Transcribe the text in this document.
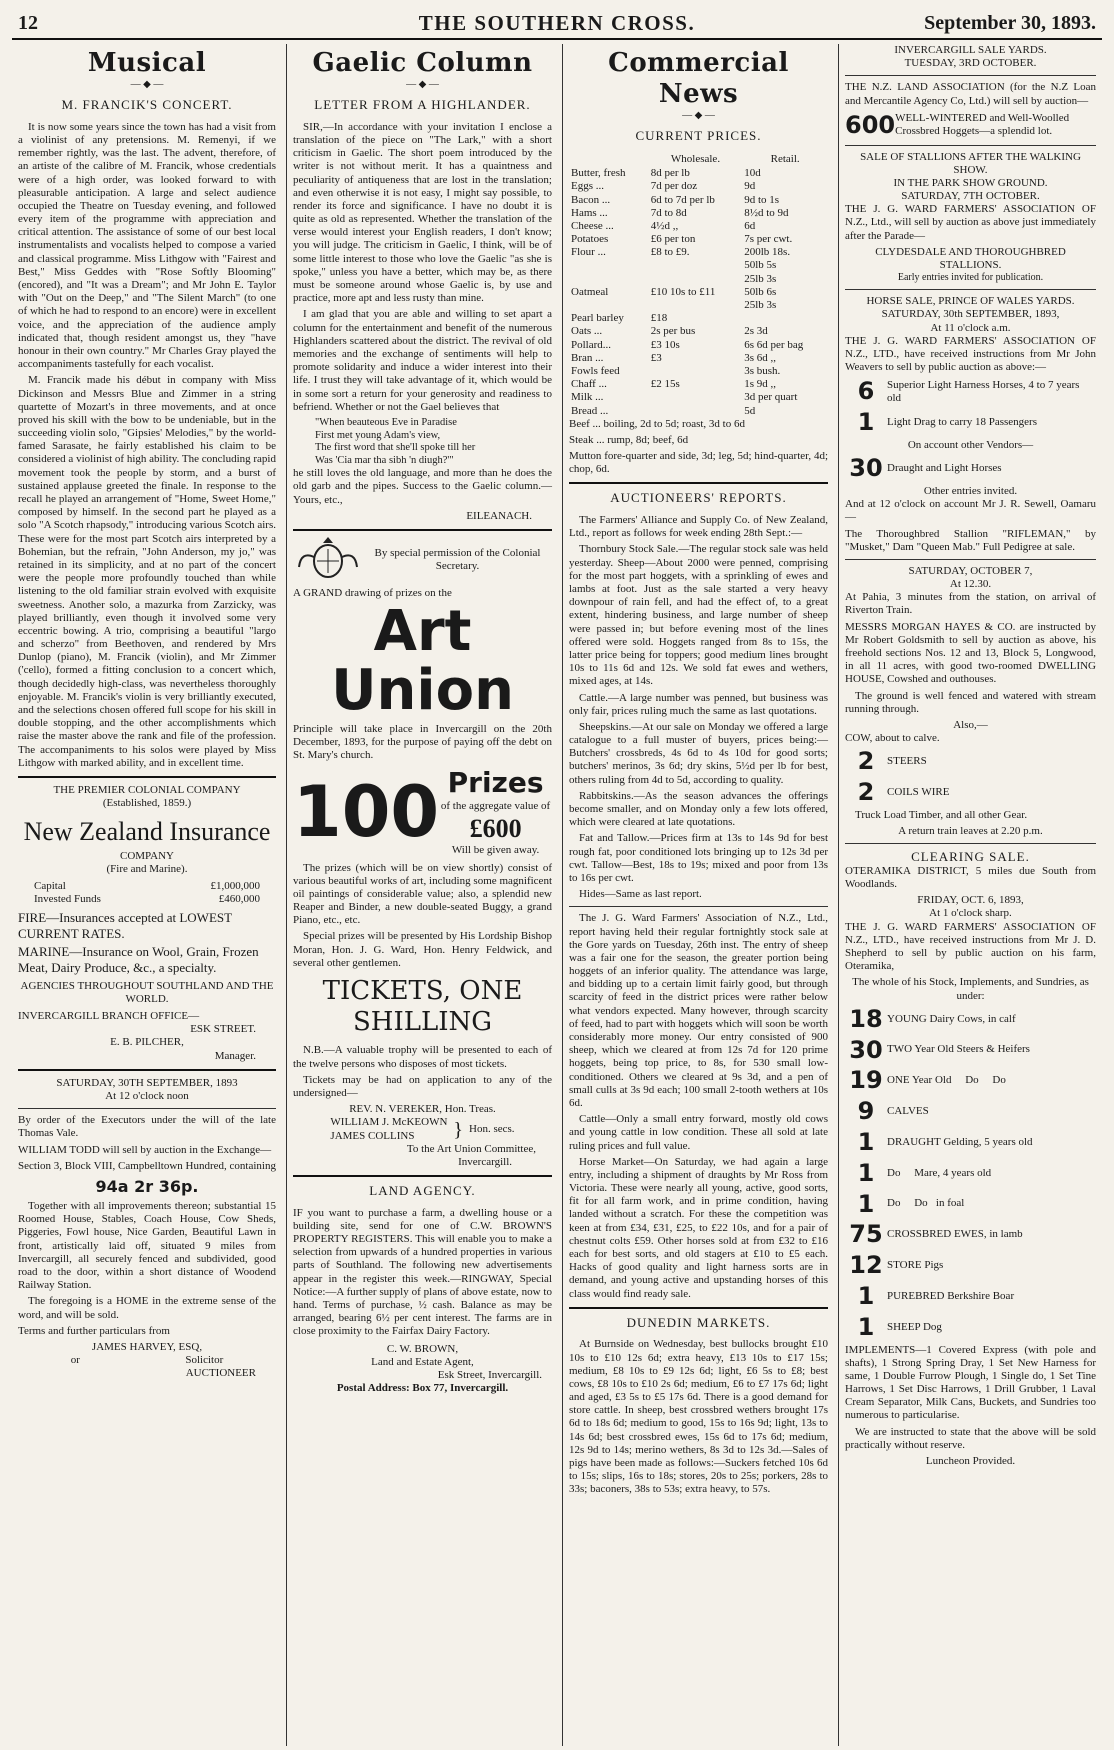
12	THE SOUTHERN CROSS.	September 30, 1893.
Musical
— ◆ —
M. FRANCIK'S CONCERT.

It is now some years since the town has had a visit from a violinist of any pretensions. M. Remenyi, if we remember rightly, was the last. The advent, therefore, of an artiste of the calibre of M. Francik, whose credentials were of a high order, was looked forward to with pleasurable anticipation. A large and select audience occupied the Theatre on Tuesday evening, and followed every item of the programme with appreciation and critical attention. The assistance of some of our best local instrumentalists and vocalists helped to compose a varied and classical programme. Miss Lithgow with "Fairest and Best," Miss Geddes with "Rose Softly Blooming" (encored), and "It was a Dream"; and Mr John E. Taylor with "Out on the Deep," and "The Silent March" (to one of which he had to respond to an encore) were in excellent voice, and the appreciation of the audience amply indicated that, though resident amongst us, they "have honour in their own country." Mr Charles Gray played the accompaniments tastefully for each vocalist.

M. Francik made his début in company with Miss Dickinson and Messrs Blue and Zimmer in a string quartette of Mozart's in three movements, and at once proved his skill with the bow to be undeniable, but in the succeeding violin solo, "Gipsies' Melodies," by the world-famed Sarasate, he fairly established his claim to be considered a violinist of high ability. The concluding rapid movement took the people by storm, and a burst of sustained applause greeted the finale. In response to the recall he played an arrangement of "Home, Sweet Home," composed by himself. In the second part he played as a solo "A Scotch rhapsody," introducing various Scotch airs. These were for the most part Scotch airs interpreted by a Bohemian, but the refrain, "John Anderson, my jo," was retained in its simplicity, and at no part of the concert were the people more profoundly touched than while listening to the old familiar strain evolved with exquisite sweetness. Another solo, a mazurka from Zarzicky, was played brilliantly, even though it involved some very eccentric bowing. A trio, comprising a beautiful "largo and scherzo" from Beethoven, and rendered by Mrs Dunlop (piano), M. Francik (violin), and Mr Zimmer ('cello), formed a fitting conclusion to a concert which, though decidedly high-class, was nevertheless thoroughly enjoyable. M. Francik's violin is very brilliantly executed, and the selections chosen offered full scope for his skill in double stopping, and the other accomplishments which raise the master above the rank and file of the profession. The accompaniments to his solos were played by Miss Lithgow with marked ability, and in excellent time.

THE PREMIER COLONIAL COMPANY
(Established, 1859.)
New Zealand Insurance
COMPANY
(Fire and Marine).
Capital	£1,000,000
Invested Funds	£460,000
FIRE—Insurances accepted at LOWEST CURRENT RATES.
MARINE—Insurance on Wool, Grain, Frozen Meat, Dairy Produce, &c., a specialty.
AGENCIES THROUGHOUT SOUTHLAND AND THE WORLD.
INVERCARGILL BRANCH OFFICE—
ESK STREET.
E. B. PILCHER,
Manager.
SATURDAY, 30TH SEPTEMBER, 1893
At 12 o'clock noon

By order of the Executors under the will of the late Thomas Vale.

WILLIAM TODD will sell by auction in the Exchange—

Section 3, Block VIII, Campbelltown Hundred, containing

94a 2r 36p.

Together with all improvements thereon; substantial 15 Roomed House, Stables, Coach House, Cow Sheds, Piggeries, Fowl house, Nice Garden, Beautiful Lawn in front, artistically laid off, situated 9 miles from Invercargill, all securely fenced and subdivided, good road to the door, within a short distance of Woodend Railway Station.

The foregoing is a HOME in the extreme sense of the word, and will be sold.

Terms and further particulars from

JAMES HARVEY, ESQ,
or	Solicitor
AUCTIONEER
Gaelic Column
— ◆ —
LETTER FROM A HIGHLANDER.

SIR,—In accordance with your invitation I enclose a translation of the piece on "The Lark," with a short criticism in Gaelic. The short poem introduced by the writer is not without merit. It has a quaintness and peculiarity of antiqueness that are lost in the translation; and even otherwise it is not easy, I might say possible, to render its force and significance. I have no doubt it is quite as old as represented. Whether the translation of the verse would interest your English readers, I don't know; you will judge. The criticism in Gaelic, I think, will be of some little interest to those who love the Gaelic "as she is spoke," unless you have a better, which may be, as there must be someone around whose Gaelic is, by use and practice, more apt and less rusty than mine.

I am glad that you are able and willing to set apart a column for the entertainment and benefit of the numerous Highlanders scattered about the district. The revival of old memories and the exchange of sentiments will help to promote solidarity and induce a wider interest into their life. I trust they will take advantage of it, which would be in some sort a return for your generosity and readiness to befriend. Whether or not the Gael believes that

"When beauteous Eve in Paradise
First met young Adam's view,
The first word that she'll spoke till her
Was 'Cia mar tha sibh 'n diugh?'"

he still loves the old language, and more than he does the old garb and the pipes. Success to the Gaelic column.—Yours, etc.,

EILEANACH.
By special permission of the Colonial Secretary.

A GRAND drawing of prizes on the

Art Union

Principle will take place in Invercargill on the 20th December, 1893, for the purpose of paying off the debt on St. Mary's church.

100 Prizes
of the aggregate value of
£600
Will be given away.

The prizes (which will be on view shortly) consist of various beautiful works of art, including some magnificent oil paintings of considerable value; also, a splendid new Reaper and Binder, a new double-seated Buggy, a grand Piano, etc., etc.

Special prizes will be presented by His Lordship Bishop Moran, Hon. J. G. Ward, Hon. Henry Feldwick, and several other gentlemen.

TICKETS, ONE SHILLING

N.B.—A valuable trophy will be presented to each of the twelve persons who disposes of most tickets.

Tickets may be had on application to any of the undersigned—

REV. N. VEREKER, Hon. Treas.
WILLIAM J. McKEOWN
JAMES COLLINS	} Hon. secs.
To the Art Union Committee,
Invercargill.
LAND AGENCY.

IF you want to purchase a farm, a dwelling house or a building site, send for one of C.W. BROWN'S PROPERTY REGISTERS. This will enable you to make a selection from upwards of a hundred properties in various parts of Southland. The following new advertisements appear in the register this week.—RINGWAY, Special Notice:—A further supply of plans of above estate, now to hand. Terms of purchase, ½ cash. Balance as may be arranged, bearing 6½ per cent interest. The farms are in close proximity to the Fairfax Dairy Factory.

C. W. BROWN,
Land and Estate Agent,
Esk Street, Invercargill.
Postal Address: Box 77, Invercargill.
Commercial News
— ◆ —
CURRENT PRICES.
	Wholesale.	Retail.
Butter, fresh	8d per lb	10d
Eggs ...	7d per doz	9d
Bacon ...	6d to 7d per lb	9d to 1s
Hams ...	7d to 8d	8½d to 9d
Cheese ...	4½d ,,	6d
Potatoes	£6 per ton	7s per cwt.
Flour ...	£8 to £9.	200lb 18s.
		50lb 5s
		25lb 3s
Oatmeal	£10 10s to £11	50lb 6s
		25lb 3s
Pearl barley	£18	
Oats ...	2s per bus	2s 3d
Pollard...	£3 10s	6s 6d per bag
Bran ...	£3	3s 6d ,,
Fowls feed		3s bush.
Chaff ...	£2 15s	1s 9d ,,
Milk ...		3d per quart
Bread ...		5d

Beef ... boiling, 2d to 5d; roast, 3d to 6d

Steak ... rump, 8d; beef, 6d

Mutton fore-quarter and side, 3d; leg, 5d; hind-quarter, 4d; chop, 6d.

AUCTIONEERS' REPORTS.

The Farmers' Alliance and Supply Co. of New Zealand, Ltd., report as follows for week ending 28th Sept.:—

Thornbury Stock Sale.—The regular stock sale was held yesterday. Sheep—About 2000 were penned, comprising for the most part hoggets, with a sprinkling of ewes and lambs at foot. Just as the sale started a very heavy downpour of rain fell, and had the effect of, to a great extent, hindering business, and large number of sheep were passed in; but before evening most of the lines offered were sold. Hoggets ranged from 8s to 15s, the latter price being for toppers; good medium lines brought 10s to 11s 6d and 12s. We sold fat ewes and wethers, mixed ages, at 14s.

Cattle.—A large number was penned, but business was only fair, prices ruling much the same as last quotations.

Sheepskins.—At our sale on Monday we offered a large catalogue to a full muster of buyers, prices being:—Butchers' crossbreds, 4s 6d to 4s 10d for good sorts; butchers' merinos, 3s 6d; dry skins, 5½d per lb for best, others ruling from 4d to 5d, according to quality.

Rabbitskins.—As the season advances the offerings become smaller, and on Monday only a few lots offered, which were cleared at late quotations.

Fat and Tallow.—Prices firm at 13s to 14s 9d for best rough fat, poor conditioned lots bringing up to 12s 3d per cwt. Tallow—Best, 18s to 19s; mixed and poor from 13s to 16s per cwt.

Hides—Same as last report.

The J. G. Ward Farmers' Association of N.Z., Ltd., report having held their regular fortnightly stock sale at the Gore yards on Tuesday, 26th inst. The entry of sheep was a fair one for the season, the greater portion being hoggets of an inferior quality. The attendance was large, and bidding up to a certain limit fairly good, but through scarcity of feed in the district prices were rather below what vendors expected. Many however, through scarcity of feed, had to part with hoggets which will soon be worth considerably more money. Our entry consisted of 900 sheep, which we cleared at from 12s 7d for 120 prime hoggets, being top price, to 8s, for 530 small low-conditioned. Others we cleared at 9s 3d, and a pen of small culls at 3s 9d each; 100 small 2-tooth wethers at 10s 6d.

Cattle—Only a small entry forward, mostly old cows and young cattle in low condition. These all sold at late ruling prices and full value.

Horse Market—On Saturday, we had again a large entry, including a shipment of draughts by Mr Ross from Victoria. These were nearly all young, active, good sorts, fit for all farm work, and in prime condition, having landed without a scratch. For these the competition was keen at from £34, £31, £25, to £22 10s, and for a pair of chestnut colts £59. Other horses sold at from £32 to £16 each for best sorts, and old stagers at £10 to £5 each. Hacks of good quality and light harness sorts are in demand, and young active and upstanding horses of this class would find ready sale.

DUNEDIN MARKETS.

At Burnside on Wednesday, best bullocks brought £10 10s to £10 12s 6d; extra heavy, £13 10s to £17 15s; medium, £8 10s to £9 12s 6d; light, £6 5s to £8; best cows, £8 10s to £10 2s 6d; medium, £6 to £7 17s 6d; light and aged, £3 5s to £5 17s 6d. There is a good demand for store cattle. In sheep, best crossbred wethers brought 17s 6d to 18s 6d; medium to good, 15s to 16s 9d; light, 13s to 14s 6d; best crossbred ewes, 15s 6d to 17s 6d; medium, 12s 9d to 14s; merino wethers, 8s 3d to 12s 3d.—Sales of pigs have been made as follows:—Suckers fetched 10s 6d to 15s; slips, 16s to 18s; stores, 20s to 25s; porkers, 28s to 33s; baconers, 38s to 53s; extra heavy, to 57s.

INVERCARGILL SALE YARDS.
TUESDAY, 3RD OCTOBER.

THE N.Z. LAND ASSOCIATION (for the N.Z Loan and Mercantile Agency Co, Ltd.) will sell by auction—

600 WELL-WINTERED and Well-Woolled Crossbred Hoggets—a splendid lot.
SALE OF STALLIONS AFTER THE WALKING SHOW.
IN THE PARK SHOW GROUND.
SATURDAY, 7TH OCTOBER.

THE J. G. WARD FARMERS' ASSOCIATION OF N.Z., Ltd., will sell by auction as above just immediately after the Parade—

CLYDESDALE AND THOROUGHBRED STALLIONS.
Early entries invited for publication.
HORSE SALE, PRINCE OF WALES YARDS.
SATURDAY, 30th SEPTEMBER, 1893,
At 11 o'clock a.m.

THE J. G. WARD FARMERS' ASSOCIATION OF N.Z., LTD., have received instructions from Mr John Weavers to sell by public auction as above:—

6	Superior Light Harness Horses, 4 to 7 years old
1	Light Drag to carry 18 Passengers
On account other Vendors—
30 Draught and Light Horses
Other entries invited.

And at 12 o'clock on account Mr J. R. Sewell, Oamaru—

The Thoroughbred Stallion "RIFLEMAN," by "Musket," Dam "Queen Mab." Full Pedigree at sale.

SATURDAY, OCTOBER 7,
At 12.30.

At Pahia, 3 minutes from the station, on arrival of Riverton Train.

MESSRS MORGAN HAYES & CO. are instructed by Mr Robert Goldsmith to sell by auction as above, his freehold sections Nos. 12 and 13, Block 5, Longwood, in all 11 acres, with good two-roomed DWELLING HOUSE, Cowshed and outhouses.

The ground is well fenced and watered with stream running through.

Also,—
COW, about to calve.
2	STEERS
2	COILS WIRE

Truck Load Timber, and all other Gear.

A return train leaves at 2.20 p.m.
CLEARING SALE.

OTERAMIKA DISTRICT, 5 miles due South from Woodlands.

FRIDAY, OCT. 6, 1893,
At 1 o'clock sharp.

THE J. G. WARD FARMERS' ASSOCIATION OF N.Z., LTD., have received instructions from Mr J. D. Shepherd to sell by public auction on his farm, Oteramika,

The whole of his Stock, Implements, and Sundries, as under:
18 YOUNG Dairy Cows, in calf
30 TWO Year Old Steers & Heifers
19 ONE Year Old     Do     Do
9	CALVES
1	DRAUGHT Gelding, 5 years old
1	Do     Mare, 4 years old
1	Do     Do   in foal
75 CROSSBRED EWES, in lamb
12 STORE Pigs
1	PUREBRED Berkshire Boar
1	SHEEP Dog

IMPLEMENTS—1 Covered Express (with pole and shafts), 1 Strong Spring Dray, 1 Set New Harness for same, 1 Double Furrow Plough, 1 Single do, 1 Set Tine Harrows, 1 Set Disc Harrows, 1 Drill Grubber, 1 Laval Cream Separator, Milk Cans, Buckets, and Sundries too numerous to particularise.

We are instructed to state that the above will be sold practically without reserve.

Luncheon Provided.
